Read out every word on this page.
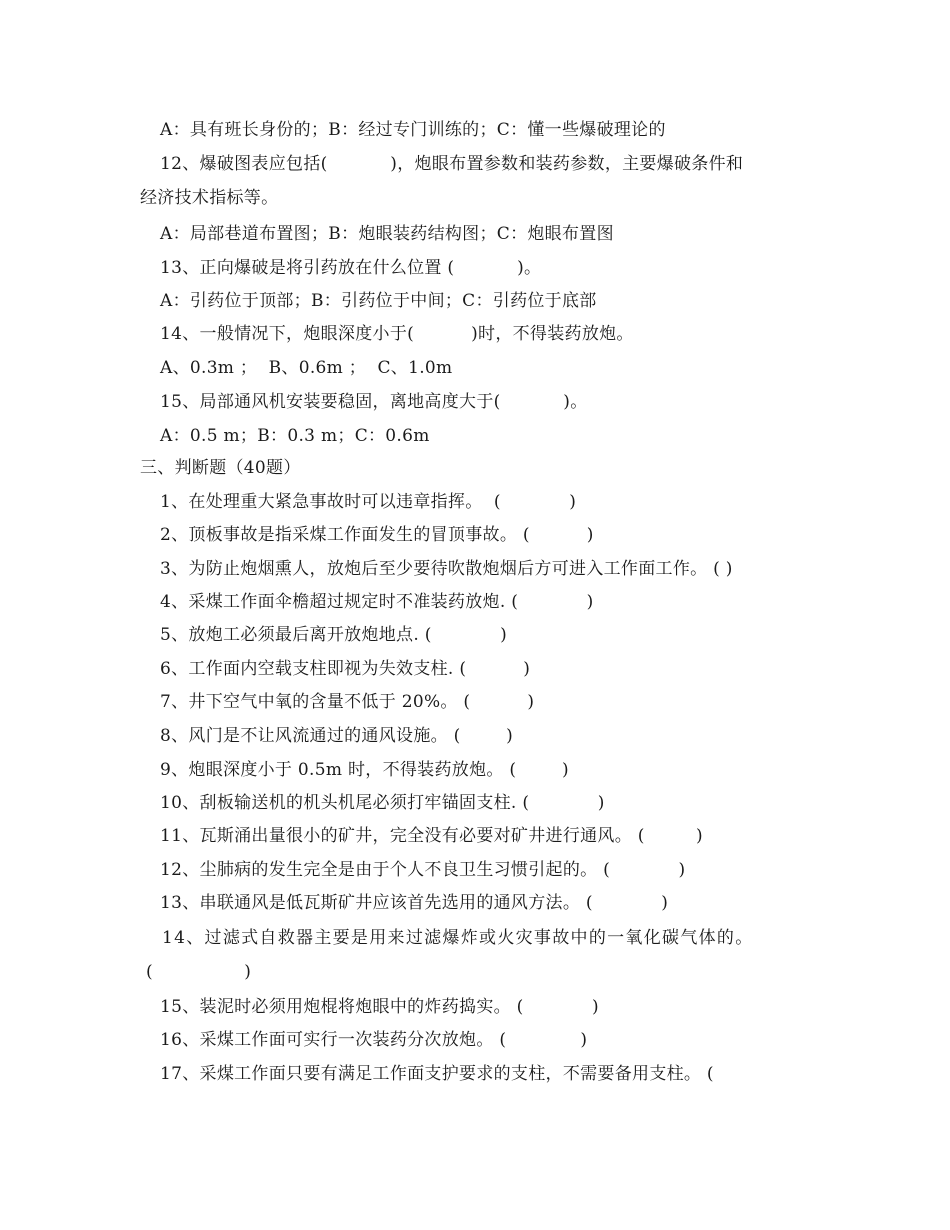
A：具有班长身份的；B：经过专门训练的；C：懂一些爆破理论的
12、爆破图表应包括(           )，炮眼布置参数和装药参数，主要爆破条件和
经济技术指标等。
A：局部巷道布置图；B：炮眼装药结构图；C：炮眼布置图
13、正向爆破是将引药放在什么位置 (           )。
A：引药位于顶部；B：引药位于中间；C：引药位于底部
14、一般情况下，炮眼深度小于(          )时，不得装药放炮。
A、0.3m ；  B、0.6m ；  C、1.0m
15、局部通风机安装要稳固，离地高度大于(           )。
A：0.5 m；B：0.3 m；C：0.6m
三、判断题（40题）
1、在处理重大紧急事故时可以违章指挥。  (            )
2、顶板事故是指采煤工作面发生的冒顶事故。 (          )
3、为防止炮烟熏人，放炮后至少要待吹散炮烟后方可进入工作面工作。 ( )
4、采煤工作面伞檐超过规定时不准装药放炮. (            )
5、放炮工必须最后离开放炮地点. (            )
6、工作面内空载支柱即视为失效支柱. (          )
7、井下空气中氧的含量不低于 20%。 (          )
8、风门是不让风流通过的通风设施。 (        )
9、炮眼深度小于 0.5m 时，不得装药放炮。 (        )
10、刮板输送机的机头机尾必须打牢锚固支柱. (            )
11、瓦斯涌出量很小的矿井，完全没有必要对矿井进行通风。 (         )
12、尘肺病的发生完全是由于个人不良卫生习惯引起的。 (            )
13、串联通风是低瓦斯矿井应该首先选用的通风方法。 (            )
14、过滤式自救器主要是用来过滤爆炸或火灾事故中的一氧化碳气体的。
(                )
15、装泥时必须用炮棍将炮眼中的炸药捣实。 (            )
16、采煤工作面可实行一次装药分次放炮。 (             )
17、采煤工作面只要有满足工作面支护要求的支柱，不需要备用支柱。 (
